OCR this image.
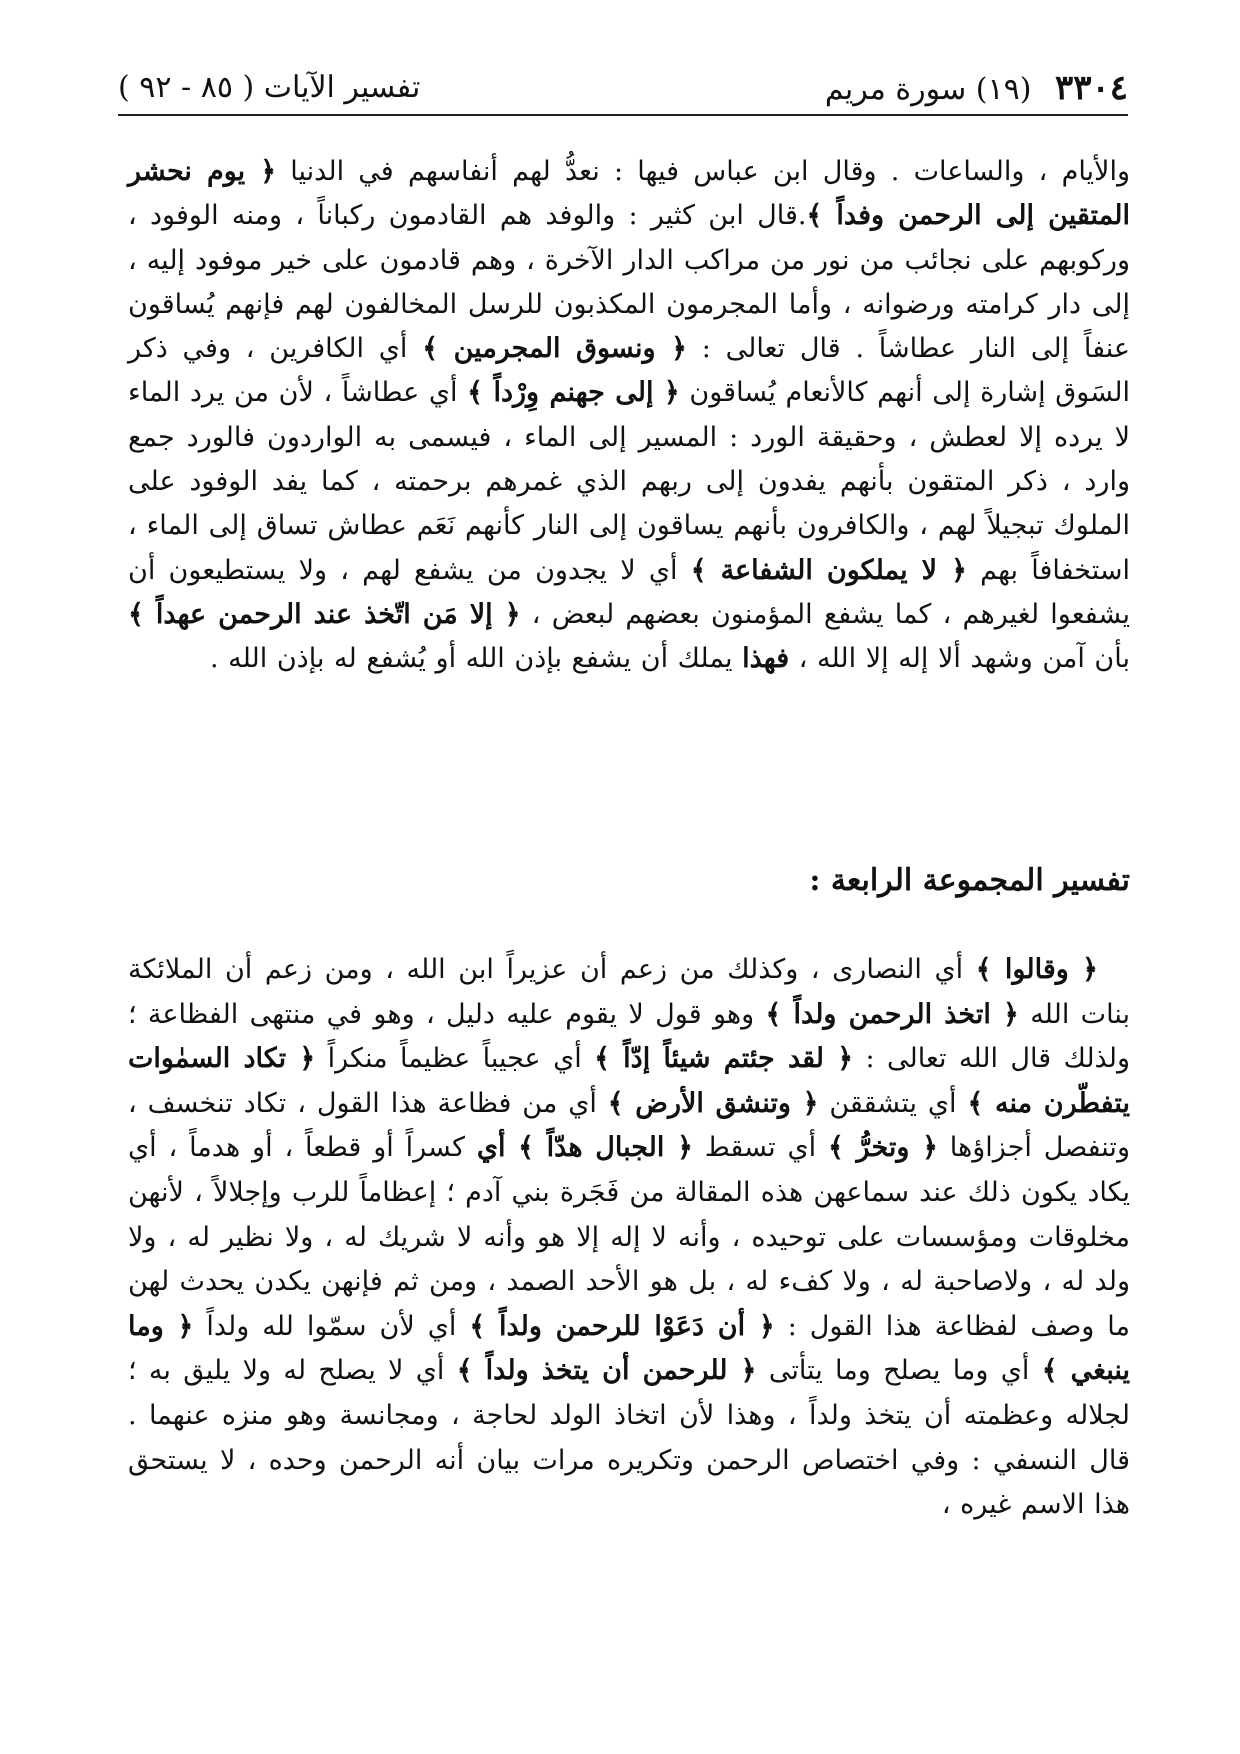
٣٣٠٤ (١٩) سورة مريم
تفسير الآيات ( ٨٥ - ٩٢ )

والأيام ، والساعات . وقال ابن عباس فيها : نعدُّ لهم أنفاسهم في الدنيا ﴿ يوم نحشر المتقين إلى الرحمن وفداً ﴾.قال ابن كثير : والوفد هم القادمون ركباناً ، ومنه الوفود ، وركوبهم على نجائب من نور من مراكب الدار الآخرة ، وهم قادمون على خير موفود إليه ، إلى دار كرامته ورضوانه ، وأما المجرمون المكذبون للرسل المخالفون لهم فإنهم يُساقون عنفاً إلى النار عطاشاً . قال تعالى : ﴿ ونسوق المجرمين ﴾ أي الكافرين ، وفي ذكر السَوق إشارة إلى أنهم كالأنعام يُساقون ﴿ إلى جهنم وِرْداً ﴾ أي عطاشاً ، لأن من يرد الماء لا يرده إلا لعطش ، وحقيقة الورد : المسير إلى الماء ، فيسمى به الواردون فالورد جمع وارد ، ذكر المتقون بأنهم يفدون إلى ربهم الذي غمرهم برحمته ، كما يفد الوفود على الملوك تبجيلاً لهم ، والكافرون بأنهم يساقون إلى النار كأنهم نَعَم عطاش تساق إلى الماء ، استخفافاً بهم ﴿ لا يملكون الشفاعة ﴾ أي لا يجدون من يشفع لهم ، ولا يستطيعون أن يشفعوا لغيرهم ، كما يشفع المؤمنون بعضهم لبعض ، ﴿ إلا مَن اتّخذ عند الرحمن عهداً ﴾ بأن آمن وشهد ألا إله إلا الله ، فهذا يملك أن يشفع بإذن الله أو يُشفع له بإذن الله .

تفسير المجموعة الرابعة :

﴿ وقالوا ﴾ أي النصارى ، وكذلك من زعم أن عزيراً ابن الله ، ومن زعم أن الملائكة بنات الله ﴿ اتخذ الرحمن ولداً ﴾ وهو قول لا يقوم عليه دليل ، وهو في منتهى الفظاعة ؛ ولذلك قال الله تعالى : ﴿ لقد جئتم شيئاً إدّاً ﴾ أي عجيباً عظيماً منكراً ﴿ تكاد السمٰوات يتفطّرن منه ﴾ أي يتشققن ﴿ وتنشق الأرض ﴾ أي من فظاعة هذا القول ، تكاد تنخسف ، وتنفصل أجزاؤها ﴿ وتخرُّ ﴾ أي تسقط ﴿ الجبال هدّاً ﴾ أي كسراً أو قطعاً ، أو هدماً ، أي يكاد يكون ذلك عند سماعهن هذه المقالة من فَجَرة بني آدم ؛ إعظاماً للرب وإجلالاً ، لأنهن مخلوقات ومؤسسات على توحيده ، وأنه لا إله إلا هو وأنه لا شريك له ، ولا نظير له ، ولا ولد له ، ولاصاحبة له ، ولا كفء له ، بل هو الأحد الصمد ، ومن ثم فإنهن يكدن يحدث لهن ما وصف لفظاعة هذا القول : ﴿ أن دَعَوْا للرحمن ولداً ﴾ أي لأن سمّوا لله ولداً ﴿ وما ينبغي ﴾ أي وما يصلح وما يتأتى ﴿ للرحمن أن يتخذ ولداً ﴾ أي لا يصلح له ولا يليق به ؛ لجلاله وعظمته أن يتخذ ولداً ، وهذا لأن اتخاذ الولد لحاجة ، ومجانسة وهو منزه عنهما . قال النسفي : وفي اختصاص الرحمن وتكريره مرات بيان أنه الرحمن وحده ، لا يستحق هذا الاسم غيره ،
